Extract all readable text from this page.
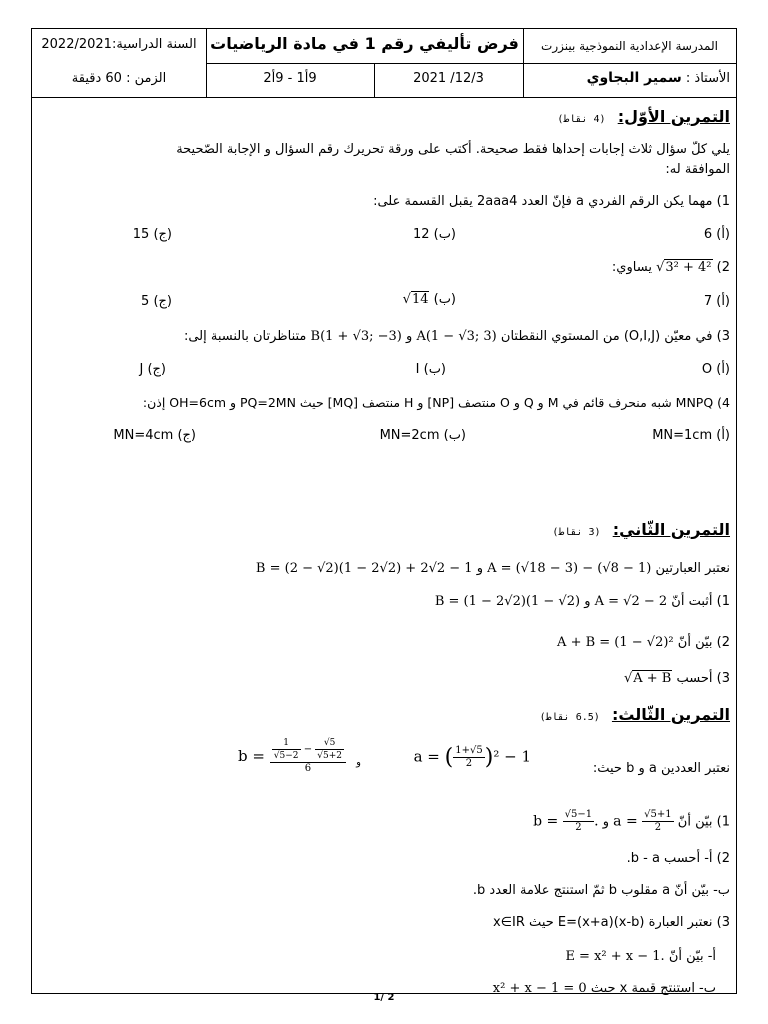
السنة الدراسية:2022/2021
الزمن : 60 دقيقة
فرض تأليفي رقم 1 في مادة الرياضيات
2021 /12/3
9أ1 - 9أ2
المدرسة الإعدادية النموذجية بينزرت
الأستاذ : سمير البجاوي
التمرين الأوّل: (4 نقاط)
يلي كلّ سؤال ثلاث إجابات إحداها فقط صحيحة. أكتب على ورقة تحريرك رقم السؤال و الإجابة الصّحيحة
الموافقة له:
1) مهما يكن الرقم الفردي a فإنّ العدد 2aaa4 يقبل القسمة على:
(أ) 6
(ب) 12
(ج) 15
2) √3² + 4² يساوي:
(أ) 7
(ب) √14
(ج) 5
3) في معيّن (O,I,J) من المستوي النقطتان A(1 − √3; 3) و B(1 + √3; −3) متناظرتان بالنسبة إلى:
(أ) O
(ب) I
(ج) J
4) MNPQ شبه منحرف قائم في M و Q و O منتصف [NP] و H منتصف [MQ] حيث PQ=2MN و OH=6cm إذن:
(أ) MN=1cm
(ب) MN=2cm
(ج) MN=4cm
التمرين الثّاني: (3 نقاط)
نعتبر العبارتين A = (√18 − 3) − (√8 − 1) و B = (2 − √2)(1 − 2√2) + 2√2 − 1
1) أثبت أنّ A = √2 − 2 و B = (1 − 2√2)(1 − √2)
2) بيّن أنّ A + B = (1 − √2)²
3) أحسب √A + B
التمرين الثّالث: (6.5 نقاط)
نعتبر العددين a و b حيث:
a = ( $\frac{1+√5}{2} )^2 - 1$
و
$b = \frac{\frac{1}{√5-2} - \frac{√5}{√5+2}}{6}$
1) بيّن أنّ $a = \frac{√5+1}{2}$
و $b = \frac{√5-1}{2}$ .
2) أ- أحسب b - a.
ب- بيّن أنّ a مقلوب b ثمّ استنتج علامة العدد b.
3) نعتبر العبارة E=(x+a)(x-b) حيث x∈IR
أ- بيّن أنّ E = x² + x − 1.
ب- استنتج قيمة x حيث x² + x − 1 = 0
1/ 2
